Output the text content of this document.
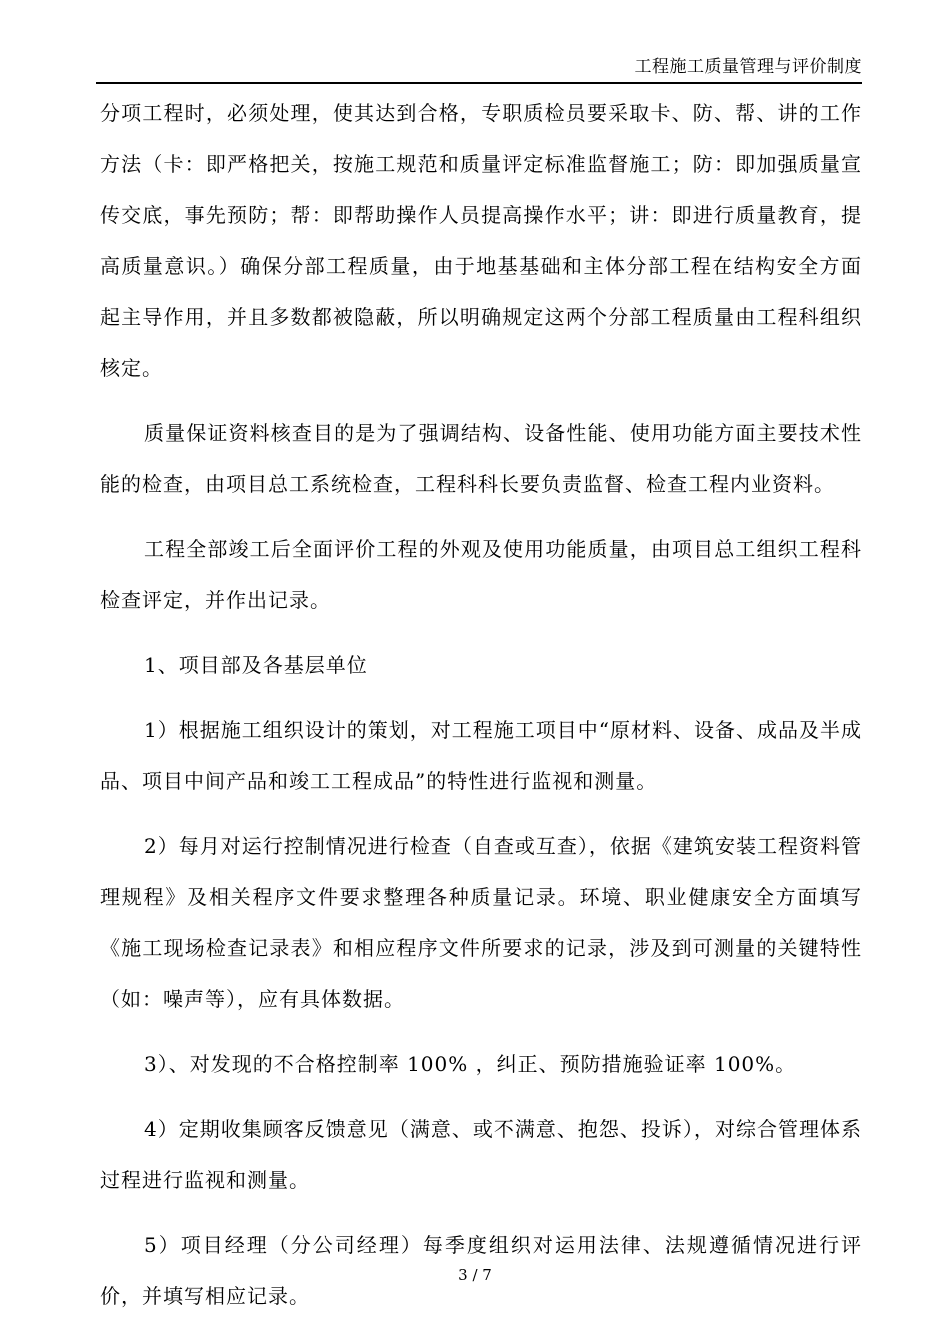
工程施工质量管理与评价制度

分项工程时，必须处理，使其达到合格，专职质检员要采取卡、防、帮、讲的工作方法（卡：即严格把关，按施工规范和质量评定标准监督施工；防：即加强质量宣传交底，事先预防；帮：即帮助操作人员提高操作水平；讲：即进行质量教育，提高质量意识。）确保分部工程质量，由于地基基础和主体分部工程在结构安全方面起主导作用，并且多数都被隐蔽，所以明确规定这两个分部工程质量由工程科组织核定。

质量保证资料核查目的是为了强调结构、设备性能、使用功能方面主要技术性能的检查，由项目总工系统检查，工程科科长要负责监督、检查工程内业资料。

工程全部竣工后全面评价工程的外观及使用功能质量，由项目总工组织工程科检查评定，并作出记录。

1、项目部及各基层单位

1）根据施工组织设计的策划，对工程施工项目中“原材料、设备、成品及半成品、项目中间产品和竣工工程成品”的特性进行监视和测量。

2）每月对运行控制情况进行检查（自查或互查），依据《建筑安装工程资料管理规程》及相关程序文件要求整理各种质量记录。环境、职业健康安全方面填写《施工现场检查记录表》和相应程序文件所要求的记录，涉及到可测量的关键特性（如：噪声等），应有具体数据。

3）、对发现的不合格控制率 100% ，纠正、预防措施验证率 100%。

4）定期收集顾客反馈意见（满意、或不满意、抱怨、投诉），对综合管理体系过程进行监视和测量。

5）项目经理（分公司经理）每季度组织对运用法律、法规遵循情况进行评价，并填写相应记录。

3 / 7
